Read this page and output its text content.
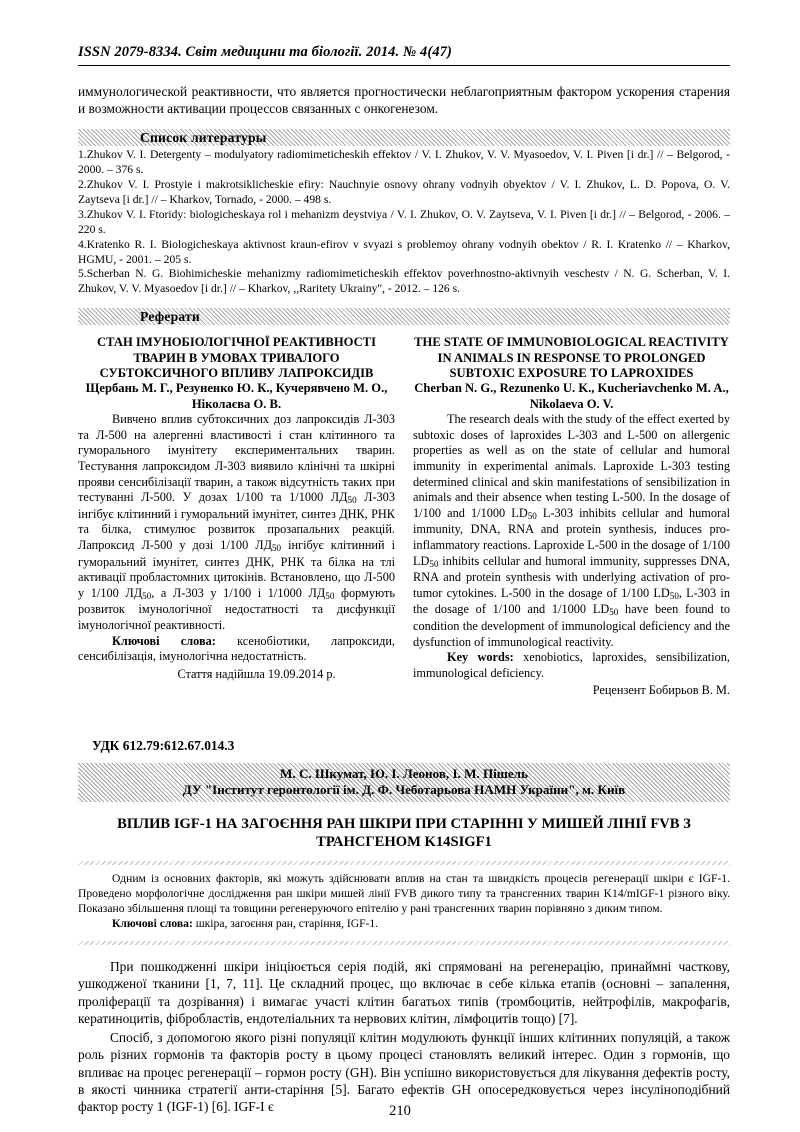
ISSN 2079-8334. Світ медицини та біології. 2014. № 4(47)

иммунологической реактивности, что является прогностически неблагоприятным фактором ускорения старения и возможности активации процессов связанных с онкогенезом.

Список литературы

1.Zhukov V. I. Detergenty – modulyatory radiomimeticheskih effektov / V. I. Zhukov, V. V. Myasoedov, V. I. Piven [i dr.] // – Belgorod, - 2000. – 376 s.

2.Zhukov V. I. Prostyie i makrotsiklicheskie efiry: Nauchnyie osnovy ohrany vodnyih obyektov / V. I. Zhukov, L. D. Popova, O. V. Zaytseva [i dr.] // – Kharkov, Tornado, - 2000. – 498 s.

3.Zhukov V. I. Ftoridy: biologicheskaya rol i mehanizm deystviya / V. I. Zhukov, O. V. Zaytseva, V. I. Piven [i dr.] // – Belgorod, - 2006. – 220 s.

4.Kratenko R. I. Biologicheskaya aktivnost kraun-efirov v svyazi s problemoy ohrany vodnyih obektov / R. I. Kratenko // – Kharkov, HGMU, - 2001. – 205 s.

5.Scherban N. G. Biohimicheskie mehanizmy radiomimeticheskih effektov poverhnostno-aktivnyih veschestv / N. G. Scherban, V. I. Zhukov, V. V. Myasoedov [i dr.] // – Kharkov, ,,Raritety Ukrainy", - 2012. – 126 s.

Реферати

СТАН ІМУНОБІОЛОГІЧНОЇ РЕАКТИВНОСТІ ТВАРИН В УМОВАХ ТРИВАЛОГО СУБТОКСИЧНОГО ВПЛИВУ ЛАПРОКСИДІВ

Щербань М. Г., Резуненко Ю. К., Кучерявчено М. О., Ніколаєва О. В.

Вивчено вплив субтоксичних доз лапроксидів Л-303 та Л-500 на алергенні властивості і стан клітинного та гуморального імунітету експериментальних тварин. Тестування лапроксидом Л-303 виявило клінічні та шкірні прояви сенсибілізації тварин, а також відсутність таких при тестуванні Л-500. У дозах 1/100 та 1/1000 $ЛД_{50}$ Л-303 інгібує клітинний і гуморальний імунітет, синтез ДНК, РНК та білка, стимулює розвиток прозапальних реакцій. Лапроксид Л-500 у дозі 1/100 $ЛД_{50}$ інгібує клітинний і гуморальний імунітет, синтез ДНК, РНК та білка на тлі активації пробластомних цитокінів. Встановлено, що Л-500 у 1/100 $ЛД_{50}$, а Л-303 у 1/100 і 1/1000 $ЛД_{50}$ формують розвиток імунологічної недостатності та дисфункції імунологічної реактивності.

Ключові слова: ксенобіотики, лапроксиди, сенсибілізація, імунологічна недостатність.

Стаття надійшла 19.09.2014 р.

THE STATE OF IMMUNOBIOLOGICAL REACTIVITY IN ANIMALS IN RESPONSE TO PROLONGED SUBTOXIC EXPOSURE TO LAPROXIDES

Cherban N. G., Rezunenko U. K., Kucheriavchenko M. A., Nikolaeva O. V.

The research deals with the study of the effect exerted by subtoxic doses of laproxides L-303 and L-500 on allergenic properties as well as on the state of cellular and humoral immunity in experimental animals. Laproxide L-303 testing determined clinical and skin manifestations of sensibilization in animals and their absence when testing L-500. In the dosage of 1/100 and 1/1000 $LD_{50}$ L-303 inhibits cellular and humoral immunity, DNA, RNA and protein synthesis, induces pro-inflammatory reactions. Laproxide L-500 in the dosage of 1/100 $LD_{50}$ inhibits cellular and humoral immunity, suppresses DNA, RNA and protein synthesis with underlying activation of pro-tumor cytokines. L-500 in the dosage of 1/100 $LD_{50}$, L-303 in the dosage of 1/100 and 1/1000 $LD_{50}$ have been found to condition the development of immunological deficiency and the dysfunction of immunological reactivity.

Key words: xenobiotics, laproxides, sensibilization, immunological deficiency.

Рецензент Бобирьов В. М.

УДК 612.79:612.67.014.3
М. С. Шкумат, Ю. І. Леонов, І. М. Пішель
ДУ "Інститут геронтології ім. Д. Ф. Чеботарьова НАМН України", м. Київ
ВПЛИВ IGF-1 НА ЗАГОЄННЯ РАН ШКІРИ ПРИ СТАРІННІ У МИШЕЙ ЛІНІЇ FVB З ТРАНСГЕНОМ K14SIGF1

Одним із основних факторів, які можуть здійснювати вплив на стан та швидкість процесів регенерації шкіри є IGF-1. Проведено морфологічне дослідження ран шкіри мишей лінії FVB дикого типу та трансгенних тварин K14/mIGF-1 різного віку. Показано збільшення площі та товщини регенеруючого епітелію у рані трансгенних тварин порівняно з диким типом.

Ключові слова: шкіра, загоєння ран, старіння, IGF-1.

При пошкодженні шкіри ініціюється серія подій, які спрямовані на регенерацію, принаймні часткову, ушкодженої тканини [1, 7, 11]. Це складний процес, що включає в себе кілька етапів (основні – запалення, проліферації та дозрівання) і вимагає участі клітин багатьох типів (тромбоцитів, нейтрофілів, макрофагів, кератиноцитів, фібробластів, ендотеліальних та нервових клітин, лімфоцитів тощо) [7].

Спосіб, з допомогою якого різні популяції клітин модулюють функції інших клітинних популяцій, а також роль різних гормонів та факторів росту в цьому процесі становлять великий інтерес. Один з гормонів, що впливає на процес регенерації – гормон росту (GH). Він успішно використовується для лікування дефектів росту, в якості чинника стратегії анти-старіння [5]. Багато ефектів GH опосередковується через інсуліноподібний фактор росту 1 (IGF-1) [6]. IGF-I є	210
